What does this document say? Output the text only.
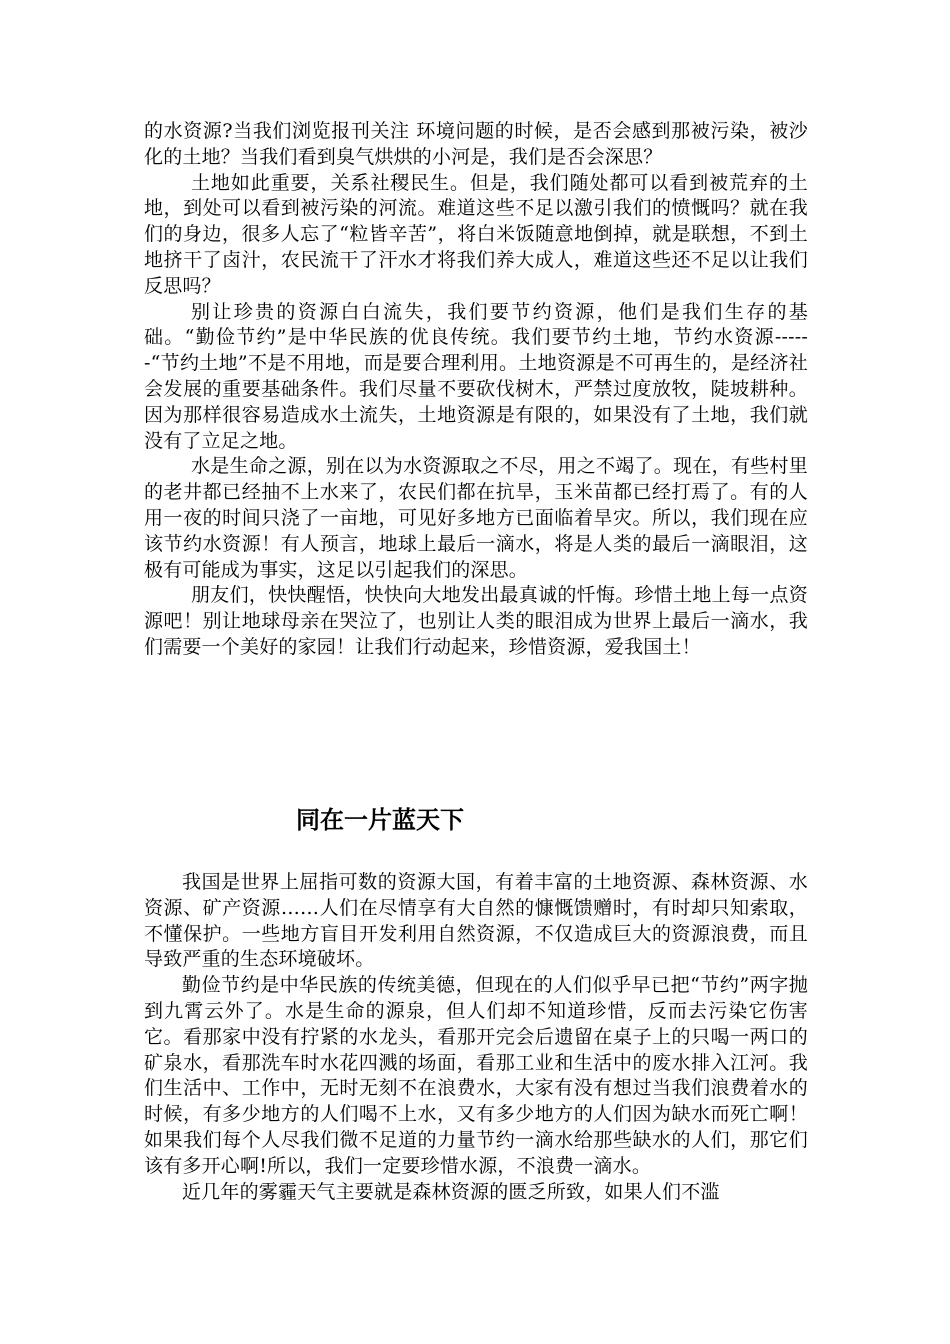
的水资源?当我们浏览报刊关注 环境问题的时候，是否会感到那被污染，被沙化的土地？当我们看到臭气烘烘的小河是，我们是否会深思？

土地如此重要，关系社稷民生。但是，我们随处都可以看到被荒弃的土地，到处可以看到被污染的河流。难道这些不足以激引我们的愤慨吗？就在我们的身边，很多人忘了“粒皆辛苦”，将白米饭随意地倒掉，就是联想，不到土地挤干了卤汁，农民流干了汗水才将我们养大成人，难道这些还不足以让我们反思吗？

别让珍贵的资源白白流失，我们要节约资源，他们是我们生存的基础。“勤俭节约”是中华民族的优良传统。我们要节约土地，节约水资源------“节约土地”不是不用地，而是要合理利用。土地资源是不可再生的，是经济社会发展的重要基础条件。我们尽量不要砍伐树木，严禁过度放牧，陡坡耕种。因为那样很容易造成水土流失，土地资源是有限的，如果没有了土地，我们就没有了立足之地。

水是生命之源，别在以为水资源取之不尽，用之不竭了。现在，有些村里的老井都已经抽不上水来了，农民们都在抗旱，玉米苗都已经打焉了。有的人用一夜的时间只浇了一亩地，可见好多地方已面临着旱灾。所以，我们现在应该节约水资源！有人预言，地球上最后一滴水，将是人类的最后一滴眼泪，这极有可能成为事实，这足以引起我们的深思。

朋友们，快快醒悟，快快向大地发出最真诚的忏悔。珍惜土地上每一点资源吧！别让地球母亲在哭泣了，也别让人类的眼泪成为世界上最后一滴水，我们需要一个美好的家园！让我们行动起来，珍惜资源，爱我国土！

同在一片蓝天下

我国是世界上屈指可数的资源大国，有着丰富的土地资源、森林资源、水资源、矿产资源……人们在尽情享有大自然的慷慨馈赠时，有时却只知索取，不懂保护。一些地方盲目开发利用自然资源，不仅造成巨大的资源浪费，而且导致严重的生态环境破坏。

勤俭节约是中华民族的传统美德，但现在的人们似乎早已把“节约”两字抛到九霄云外了。水是生命的源泉，但人们却不知道珍惜，反而去污染它伤害它。看那家中没有拧紧的水龙头，看那开完会后遗留在桌子上的只喝一两口的矿泉水，看那洗车时水花四溅的场面，看那工业和生活中的废水排入江河。我们生活中、工作中，无时无刻不在浪费水，大家有没有想过当我们浪费着水的时候，有多少地方的人们喝不上水，又有多少地方的人们因为缺水而死亡啊！如果我们每个人尽我们微不足道的力量节约一滴水给那些缺水的人们，那它们该有多开心啊!所以，我们一定要珍惜水源，不浪费一滴水。

近几年的雾霾天气主要就是森林资源的匮乏所致，如果人们不滥
